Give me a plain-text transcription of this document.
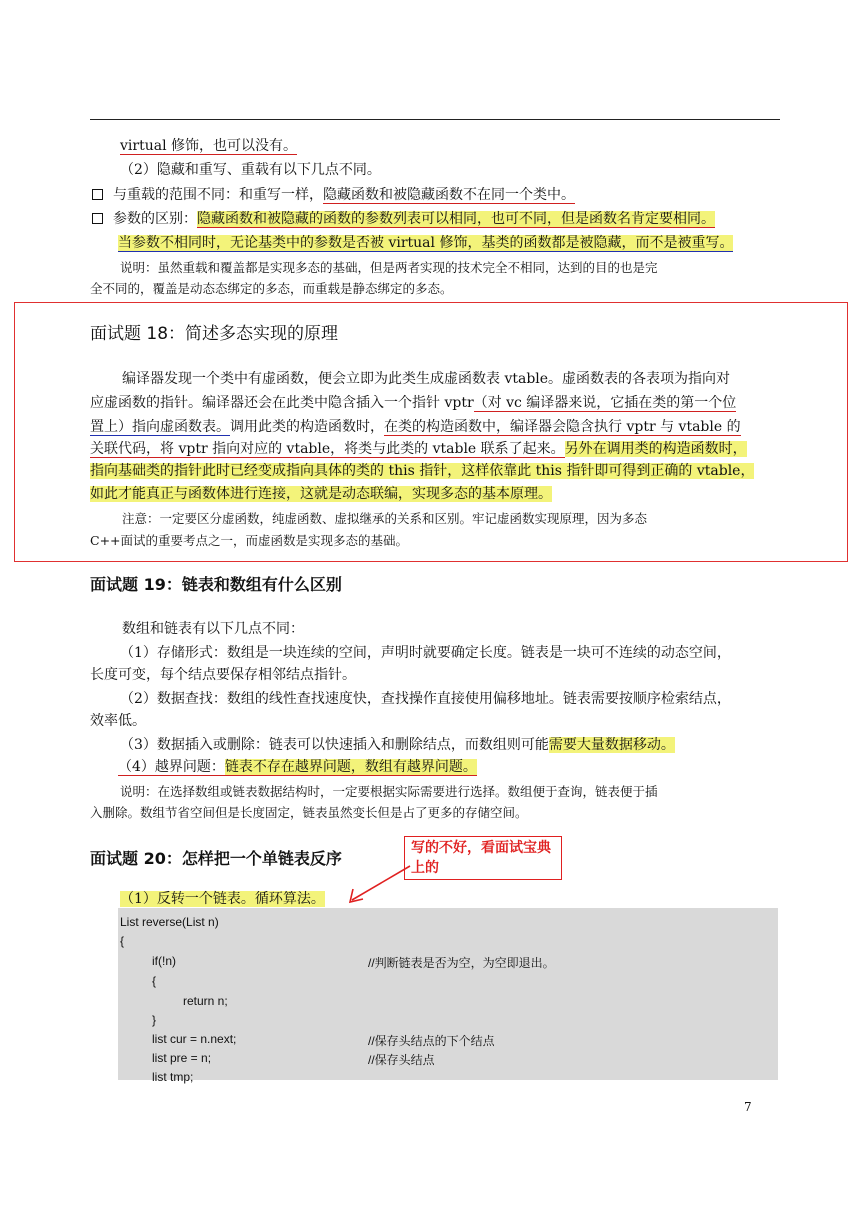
virtual 修饰，也可以没有。
（2）隐藏和重写、重载有以下几点不同。
与重载的范围不同：和重写一样，隐藏函数和被隐藏函数不在同一个类中。
参数的区别：隐藏函数和被隐藏的函数的参数列表可以相同，也可不同，但是函数名肯定要相同。
当参数不相同时，无论基类中的参数是否被 virtual 修饰，基类的函数都是被隐藏，而不是被重写。
说明：虽然重载和覆盖都是实现多态的基础，但是两者实现的技术完全不相同，达到的目的也是完
全不同的，覆盖是动态态绑定的多态，而重载是静态绑定的多态。
面试题 18：简述多态实现的原理
编译器发现一个类中有虚函数，便会立即为此类生成虚函数表 vtable。虚函数表的各表项为指向对
应虚函数的指针。编译器还会在此类中隐含插入一个指针 vptr（对 vc 编译器来说，它插在类的第一个位
置上）指向虚函数表。调用此类的构造函数时，在类的构造函数中，编译器会隐含执行 vptr 与 vtable 的
关联代码，将 vptr 指向对应的 vtable，将类与此类的 vtable 联系了起来。另外在调用类的构造函数时，
指向基础类的指针此时已经变成指向具体的类的 this 指针，这样依靠此 this 指针即可得到正确的 vtable，
如此才能真正与函数体进行连接，这就是动态联编，实现多态的基本原理。
注意：一定要区分虚函数，纯虚函数、虚拟继承的关系和区别。牢记虚函数实现原理，因为多态
C++面试的重要考点之一，而虚函数是实现多态的基础。
面试题 19：链表和数组有什么区别
数组和链表有以下几点不同：
（1）存储形式：数组是一块连续的空间，声明时就要确定长度。链表是一块可不连续的动态空间，
长度可变，每个结点要保存相邻结点指针。
（2）数据查找：数组的线性查找速度快，查找操作直接使用偏移地址。链表需要按顺序检索结点，
效率低。
（3）数据插入或删除：链表可以快速插入和删除结点，而数组则可能需要大量数据移动。
（4）越界问题：链表不存在越界问题，数组有越界问题。
说明：在选择数组或链表数据结构时，一定要根据实际需要进行选择。数组便于查询，链表便于插
入删除。数组节省空间但是长度固定，链表虽然变长但是占了更多的存储空间。
面试题 20：怎样把一个单链表反序
写的不好，看面试宝典上的
（1）反转一个链表。循环算法。
List reverse(List n)
{
if(!n)	//判断链表是否为空，为空即退出。
{
return n;
}
list cur = n.next;	//保存头结点的下个结点
list pre = n;	//保存头结点
list tmp;
7
